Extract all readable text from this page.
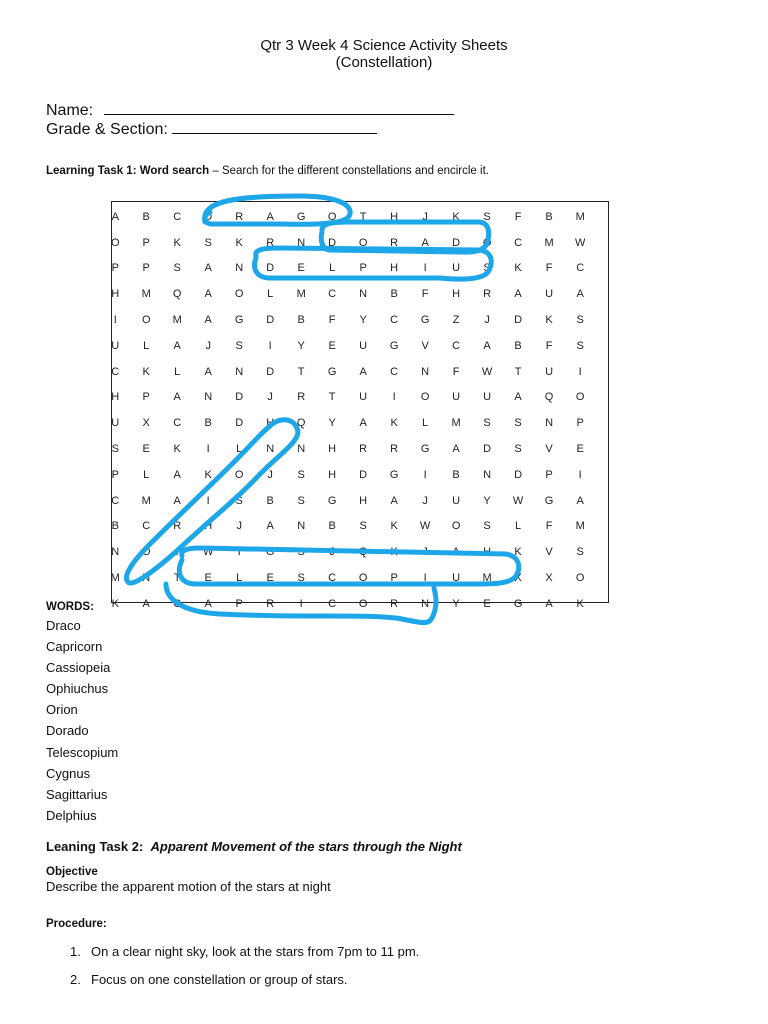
Qtr 3 Week 4 Science Activity Sheets
(Constellation)
Name:
Grade & Section:
Learning Task 1: Word search – Search for the different constellations and encircle it.
A	B	C	D	R	A	G	O	T	H	J	K	S	F	B	M
O	P	K	S	K	R	N	D	O	R	A	D	O	C	M	W
P	P	S	A	N	D	E	L	P	H	I	U	S	K	F	C
H	M	Q	A	O	L	M	C	N	B	F	H	R	A	U	A
I	O	M	A	G	D	B	F	Y	C	G	Z	J	D	K	S
U	L	A	J	S	I	Y	E	U	G	V	C	A	B	F	S
C	K	L	A	N	D	T	G	A	C	N	F	W	T	U	I
H	P	A	N	D	J	R	T	U	I	O	U	U	A	Q	O
U	X	C	B	D	H	Q	Y	A	K	L	M	S	S	N	P
S	E	K	I	L	N	N	H	R	R	G	A	D	S	V	E
P	L	A	K	O	J	S	H	D	G	I	B	N	D	P	I
C	M	A	I	S	B	S	G	H	A	J	U	Y	W	G	A
B	C	R	H	J	A	N	B	S	K	W	O	S	L	F	M
N	O	I	W	T	G	S	J	Q	K	J	A	H	K	V	S
M	N	T	E	L	E	S	C	O	P	I	U	M	X	X	O
K	A	C	A	P	R	I	C	O	R	N	Y	E	G	A	K
WORDS:
Draco
Capricorn
Cassiopeia
Ophiuchus
Orion
Dorado
Telescopium
Cygnus
Sagittarius
Delphius
Leaning Task 2: Apparent Movement of the stars through the Night
Objective
Describe the apparent motion of the stars at night
Procedure:
1. On a clear night sky, look at the stars from 7pm to 11 pm.
2. Focus on one constellation or group of stars.
